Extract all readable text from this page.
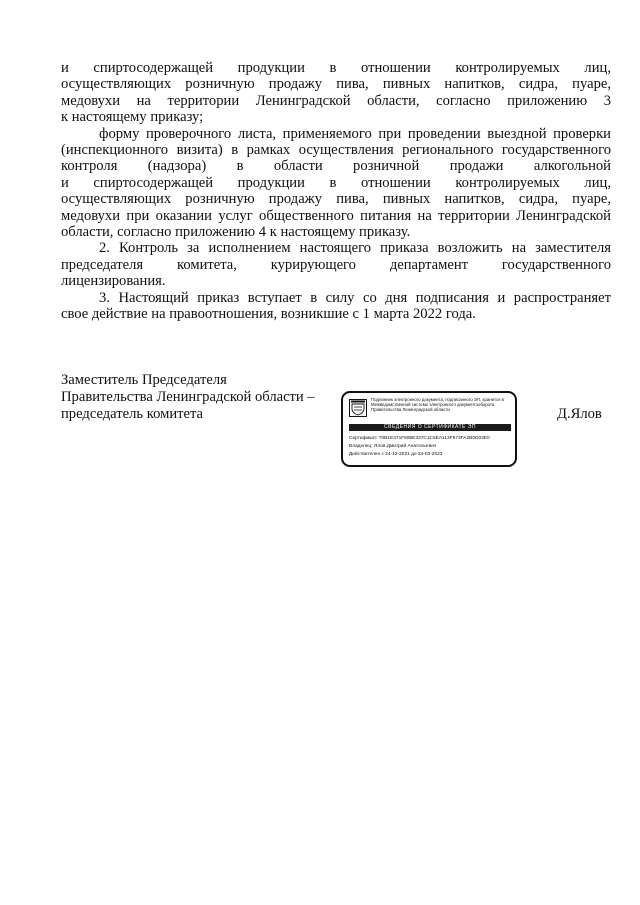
и спиртосодержащей продукции в отношении контролируемых лиц,
осуществляющих розничную продажу пива, пивных напитков, сидра, пуаре,
медовухи на территории Ленинградской области, согласно приложению 3
к настоящему приказу;
форму проверочного листа, применяемого при проведении выездной проверки
(инспекционного визита) в рамках осуществления регионального государственного
контроля (надзора) в области розничной продажи алкогольной
и спиртосодержащей продукции в отношении контролируемых лиц,
осуществляющих розничную продажу пива, пивных напитков, сидра, пуаре,
медовухи при оказании услуг общественного питания на территории Ленинградской
области, согласно приложению 4 к настоящему приказу.
2. Контроль за исполнением настоящего приказа возложить на заместителя
председателя комитета, курирующего департамент государственного
лицензирования.
3. Настоящий приказ вступает в силу со дня подписания и распространяет
свое действие на правоотношения, возникшие с 1 марта 2022 года.
Заместитель Председателя
Правительства Ленинградской области –
председатель комитета
Подлинник электронного документа, подписанного ЭП, хранится в Межведомственной системе электронного документооборота Правительства Ленинградской области
СВЕДЕНИЯ О СЕРТИФИКАТЕ ЭП
Сертификат: 70B1E371F595E337C1C5EA113F573FA2B0D03E0
Владелец: Ялов Дмитрий Анатольевич
Действителен с 24-12-2021 до 24-03-2023
Д.Ялов
